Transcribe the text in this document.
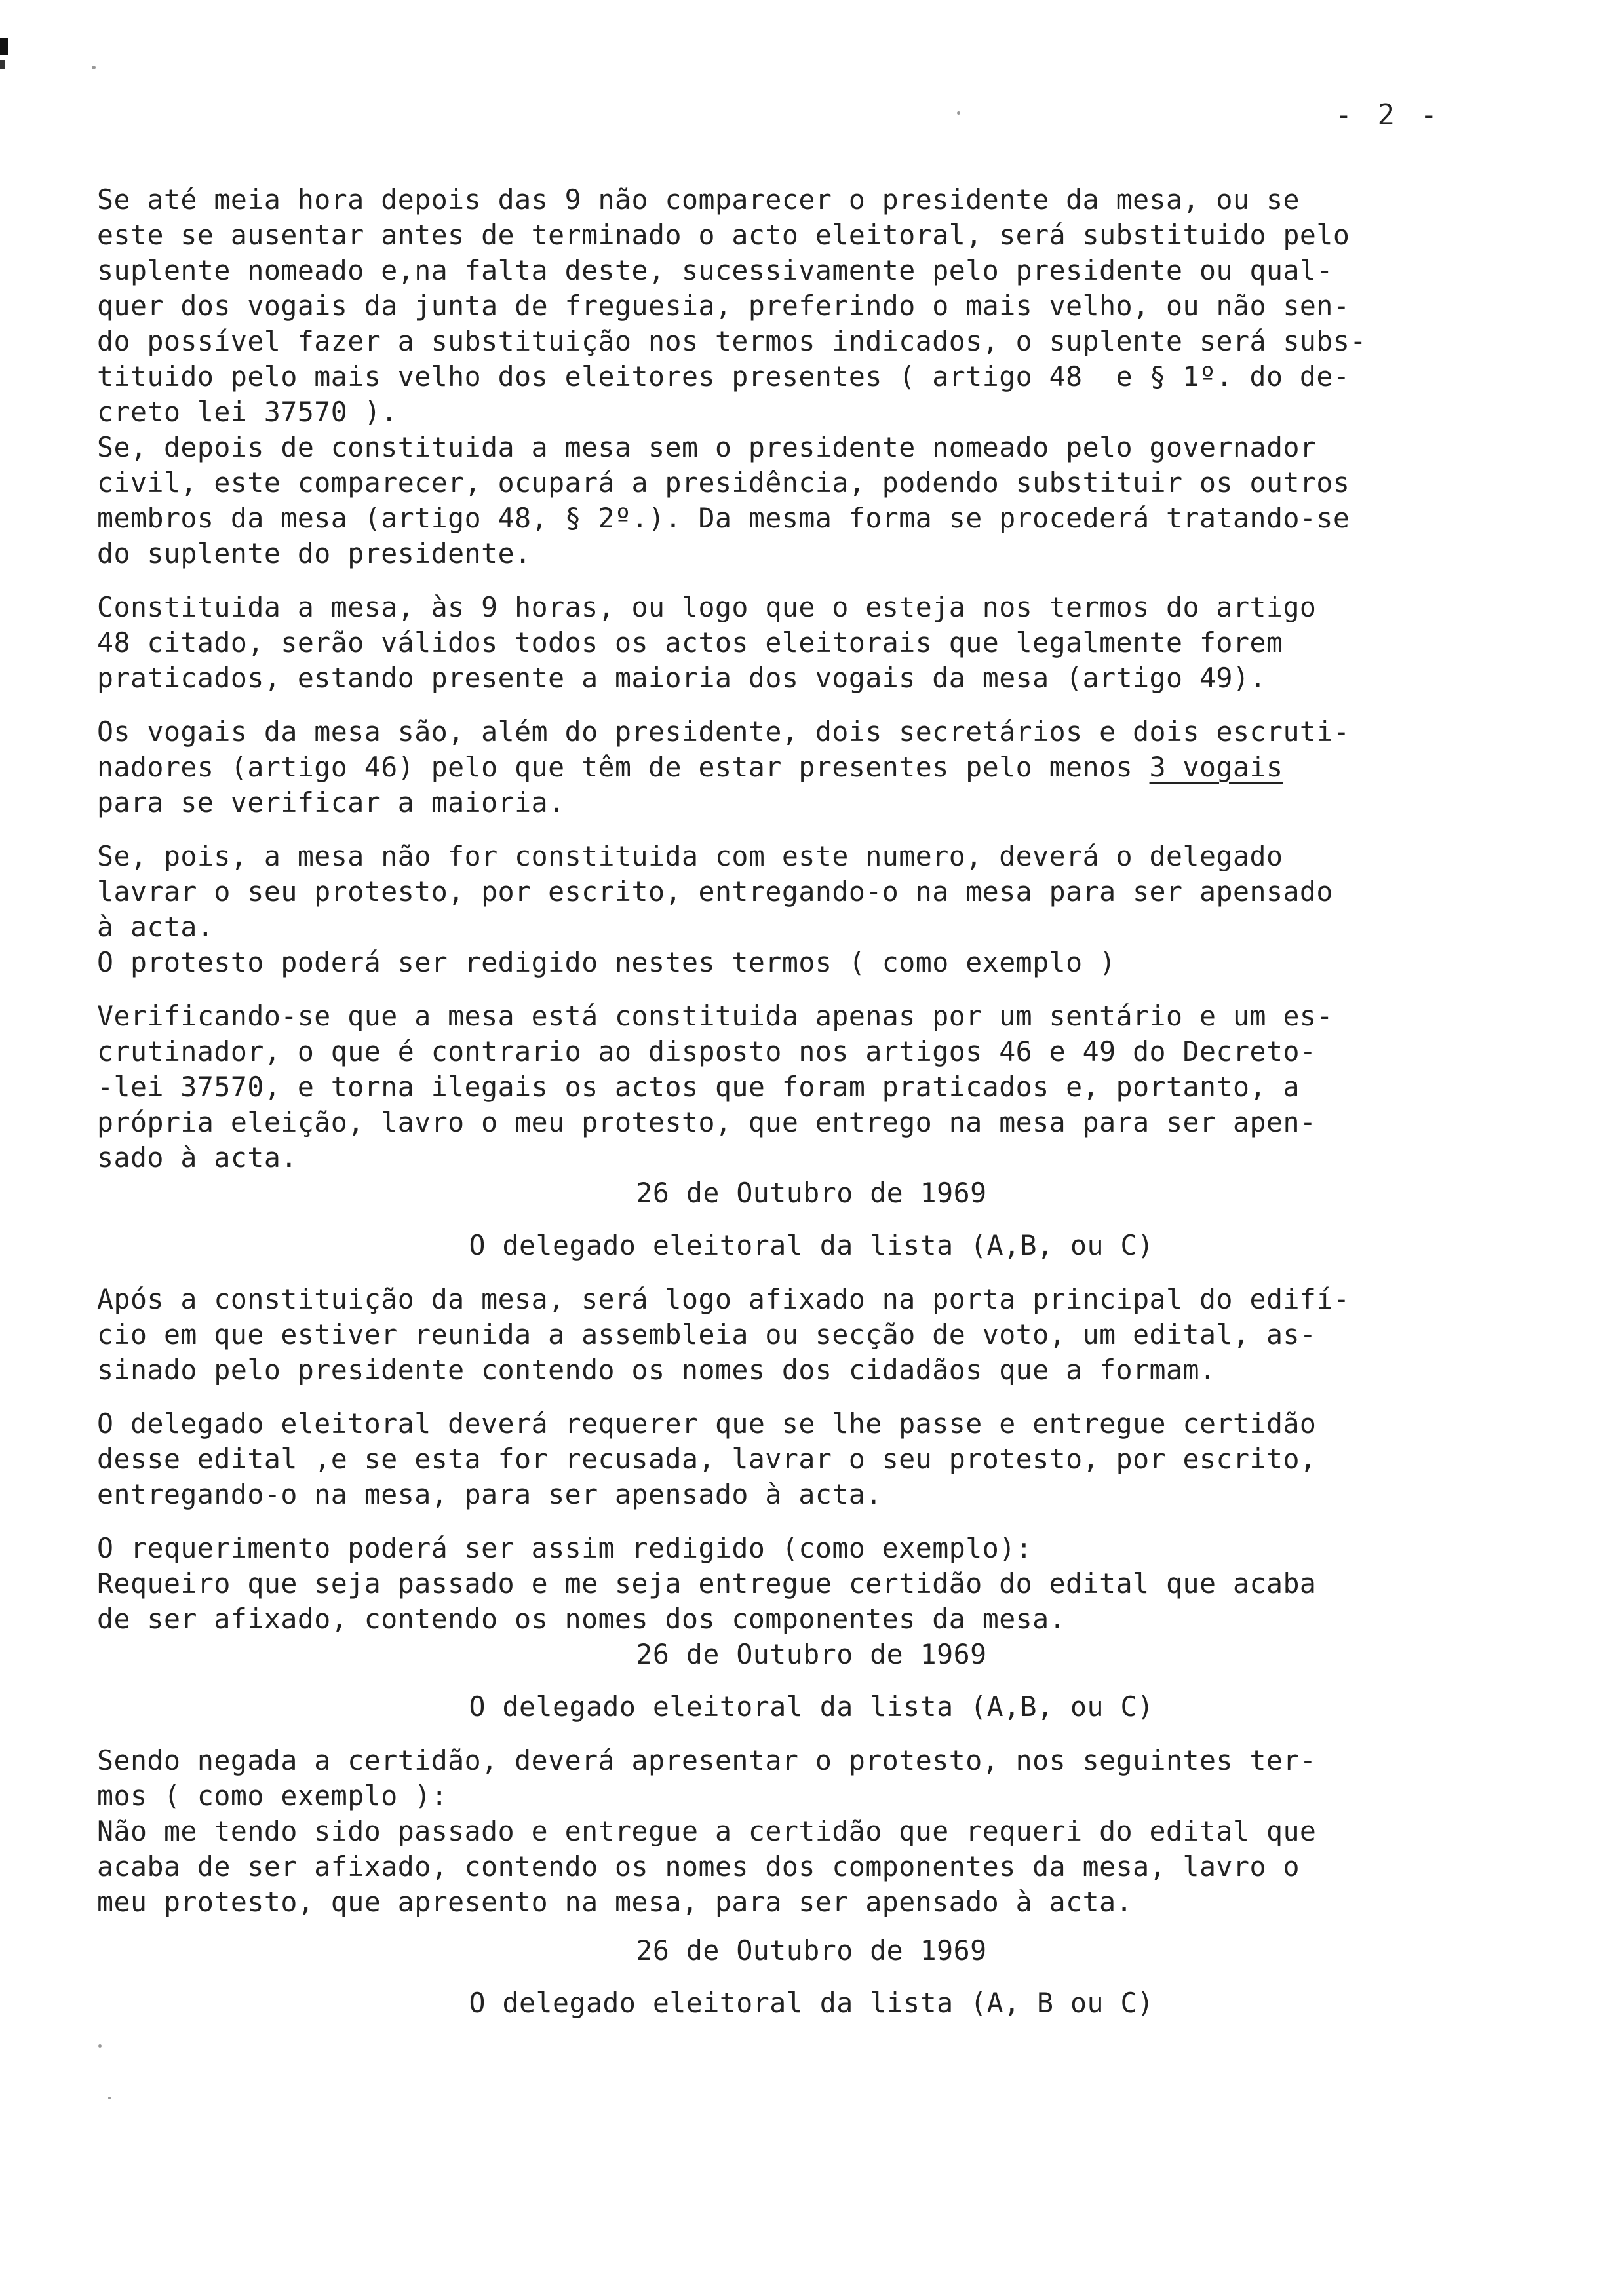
- 2 -
Se até meia hora depois das 9 não comparecer o presidente da mesa, ou se
este se ausentar antes de terminado o acto eleitoral, será substituido pelo
suplente nomeado e,na falta deste, sucessivamente pelo presidente ou qual-
quer dos vogais da junta de freguesia, preferindo o mais velho, ou não sen-
do possível fazer a substituição nos termos indicados, o suplente será subs-
tituido pelo mais velho dos eleitores presentes ( artigo 48  e § 1º. do de-
creto lei 37570 ).
Se, depois de constituida a mesa sem o presidente nomeado pelo governador
civil, este comparecer, ocupará a presidência, podendo substituir os outros
membros da mesa (artigo 48, § 2º.). Da mesma forma se procederá tratando-se
do suplente do presidente.
Constituida a mesa, às 9 horas, ou logo que o esteja nos termos do artigo
48 citado, serão válidos todos os actos eleitorais que legalmente forem
praticados, estando presente a maioria dos vogais da mesa (artigo 49).
Os vogais da mesa são, além do presidente, dois secretários e dois escruti-
nadores (artigo 46) pelo que têm de estar presentes pelo menos 3 vogais
para se verificar a maioria.
Se, pois, a mesa não for constituida com este numero, deverá o delegado
lavrar o seu protesto, por escrito, entregando-o na mesa para ser apensado
à acta.
O protesto poderá ser redigido nestes termos ( como exemplo )
Verificando-se que a mesa está constituida apenas por um sentário e um es-
crutinador, o que é contrario ao disposto nos artigos 46 e 49 do Decreto-
-lei 37570, e torna ilegais os actos que foram praticados e, portanto, a
própria eleição, lavro o meu protesto, que entrego na mesa para ser apen-
sado à acta.
26 de Outubro de 1969
O delegado eleitoral da lista (A,B, ou C)
Após a constituição da mesa, será logo afixado na porta principal do edifí-
cio em que estiver reunida a assembleia ou secção de voto, um edital, as-
sinado pelo presidente contendo os nomes dos cidadãos que a formam.
O delegado eleitoral deverá requerer que se lhe passe e entregue certidão
desse edital ,e se esta for recusada, lavrar o seu protesto, por escrito,
entregando-o na mesa, para ser apensado à acta.
O requerimento poderá ser assim redigido (como exemplo):
Requeiro que seja passado e me seja entregue certidão do edital que acaba
de ser afixado, contendo os nomes dos componentes da mesa.
26 de Outubro de 1969
O delegado eleitoral da lista (A,B, ou C)
Sendo negada a certidão, deverá apresentar o protesto, nos seguintes ter-
mos ( como exemplo ):
Não me tendo sido passado e entregue a certidão que requeri do edital que
acaba de ser afixado, contendo os nomes dos componentes da mesa, lavro o
meu protesto, que apresento na mesa, para ser apensado à acta.
26 de Outubro de 1969
O delegado eleitoral da lista (A, B ou C)
